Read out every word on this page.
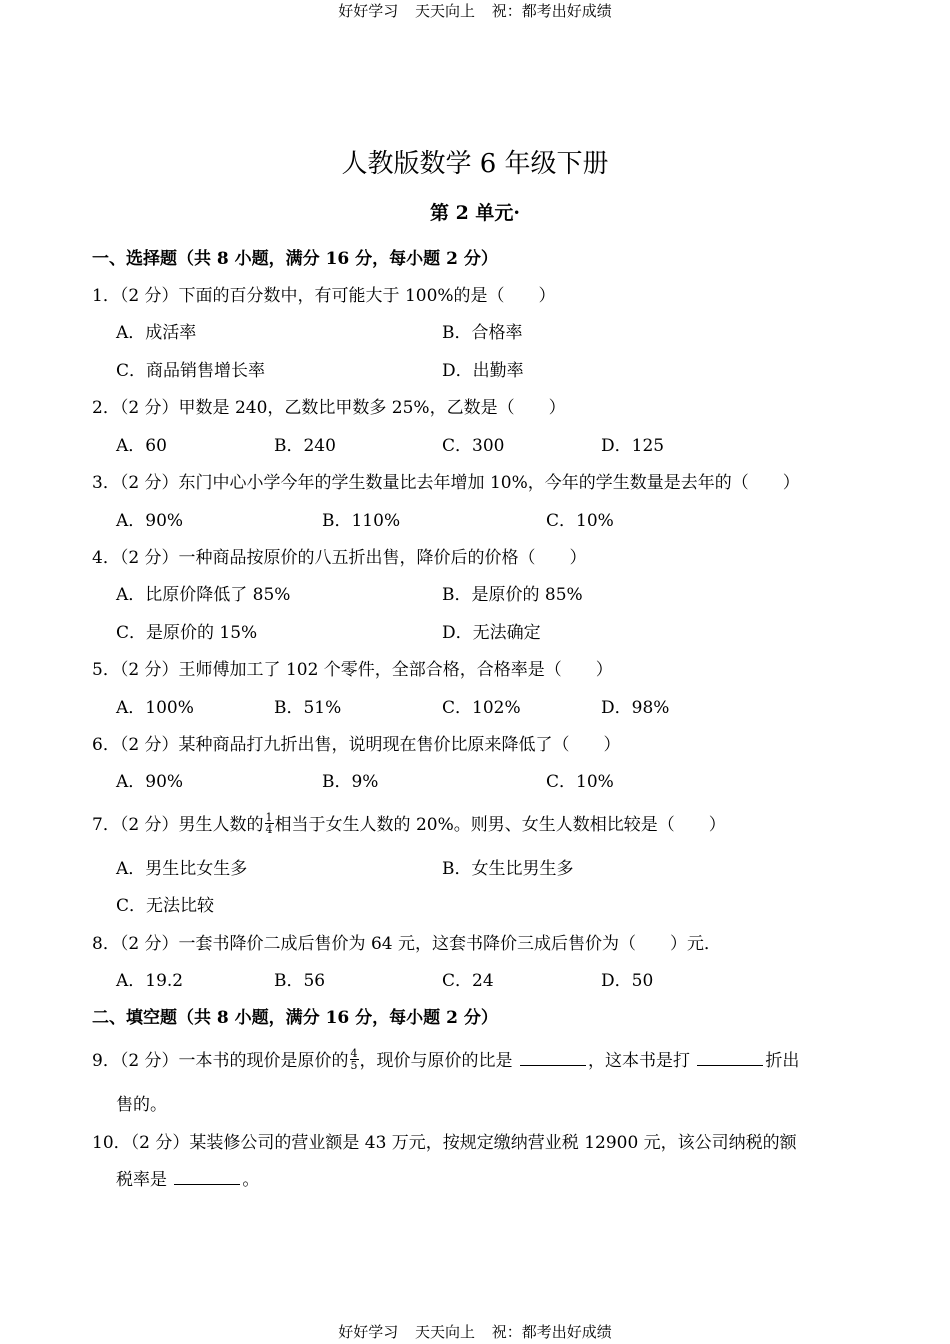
好好学习 天天向上 祝：都考出好成绩
人教版数学 6 年级下册
第 2 单元·
一、选择题（共 8 小题，满分 16 分，每小题 2 分）
1．（2 分）下面的百分数中，有可能大于 100%的是（　　）
A．成活率	B．合格率
C．商品销售增长率	D．出勤率
2．（2 分）甲数是 240，乙数比甲数多 25%，乙数是（　　）
A．60	B．240	C．300	D．125
3．（2 分）东门中心小学今年的学生数量比去年增加 10%，今年的学生数量是去年的（　　）
A．90%	B．110%	C．10%
4．（2 分）一种商品按原价的八五折出售，降价后的价格（　　）
A．比原价降低了 85%	B．是原价的 85%
C．是原价的 15%	D．无法确定
5．（2 分）王师傅加工了 102 个零件，全部合格，合格率是（　　）
A．100%	B．51%	C．102%	D．98%
6．（2 分）某种商品打九折出售，说明现在售价比原来降低了（　　）
A．90%	B．9%	C．10%
7．（2 分）男生人数的 $\frac{1}{4}$ 相当于女生人数的 20%。则男、女生人数相比较是（　　）
A．男生比女生多	B．女生比男生多
C．无法比较
8．（2 分）一套书降价二成后售价为 64 元，这套书降价三成后售价为（　　）元．
A．19.2	B．56	C．24	D．50
二、填空题（共 8 小题，满分 16 分，每小题 2 分）
9．（2 分）一本书的现价是原价的 $\frac{4}{5}$ ，现价与原价的比是	，这本书是打	折出
售的。
10．（2 分）某装修公司的营业额是 43 万元，按规定缴纳营业税 12900 元，该公司纳税的额
税率是	。
好好学习 天天向上 祝：都考出好成绩
